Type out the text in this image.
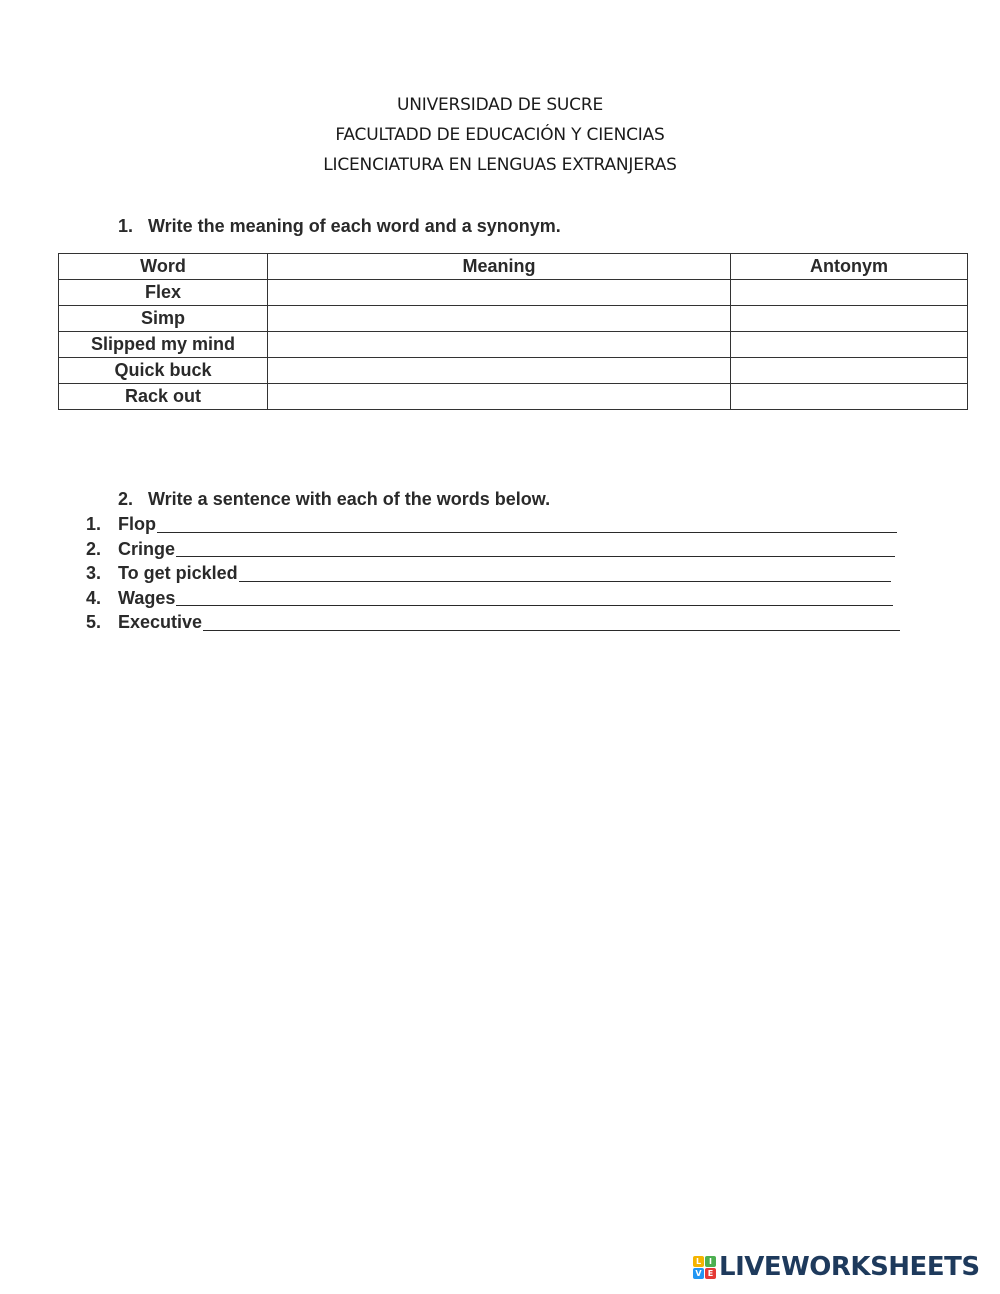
UNIVERSIDAD DE SUCRE
FACULTADD DE EDUCACIÓN Y CIENCIAS
LICENCIATURA EN LENGUAS EXTRANJERAS
1. Write the meaning of each word and a synonym.
Word	Meaning	Antonym
Flex		
Simp		
Slipped my mind		
Quick buck		
Rack out		
2. Write a sentence with each of the words below.
1. Flop
2. Cringe
3. To get pickled
4. Wages
5. Executive
L I
V E LIVEWORKSHEETS
